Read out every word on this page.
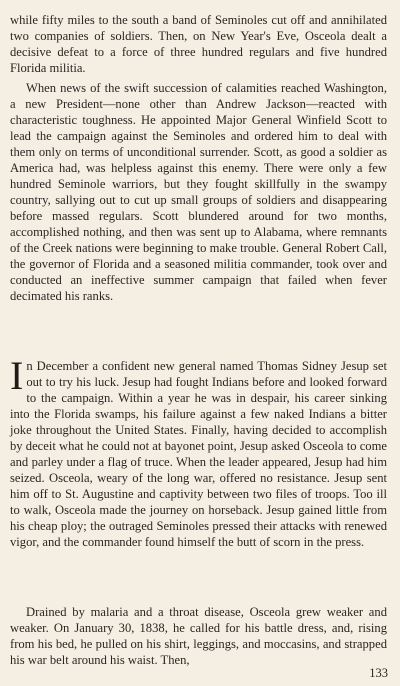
while fifty miles to the south a band of Seminoles cut off and annihilated two companies of soldiers. Then, on New Year's Eve, Osceola dealt a decisive defeat to a force of three hundred regulars and five hundred Florida militia.

When news of the swift succession of calamities reached Washington, a new President—none other than Andrew Jackson—reacted with characteristic toughness. He appointed Major General Winfield Scott to lead the campaign against the Seminoles and ordered him to deal with them only on terms of unconditional surrender. Scott, as good a soldier as America had, was helpless against this enemy. There were only a few hundred Seminole warriors, but they fought skillfully in the swampy country, sallying out to cut up small groups of soldiers and disappearing before massed regulars. Scott blundered around for two months, accomplished nothing, and then was sent up to Alabama, where remnants of the Creek nations were beginning to make trouble. General Robert Call, the governor of Florida and a seasoned militia commander, took over and conducted an ineffective summer campaign that failed when fever decimated his ranks.

In December a confident new general named Thomas Sidney Jesup set out to try his luck. Jesup had fought Indians before and looked forward to the campaign. Within a year he was in despair, his career sinking into the Florida swamps, his failure against a few naked Indians a bitter joke throughout the United States. Finally, having decided to accomplish by deceit what he could not at bayonet point, Jesup asked Osceola to come and parley under a flag of truce. When the leader appeared, Jesup had him seized. Osceola, weary of the long war, offered no resistance. Jesup sent him off to St. Augustine and captivity between two files of troops. Too ill to walk, Osceola made the journey on horseback. Jesup gained little from his cheap ploy; the outraged Seminoles pressed their attacks with renewed vigor, and the commander found himself the butt of scorn in the press.

Drained by malaria and a throat disease, Osceola grew weaker and weaker. On January 30, 1838, he called for his battle dress, and, rising from his bed, he pulled on his shirt, leggings, and moccasins, and strapped his war belt around his waist. Then,

133
